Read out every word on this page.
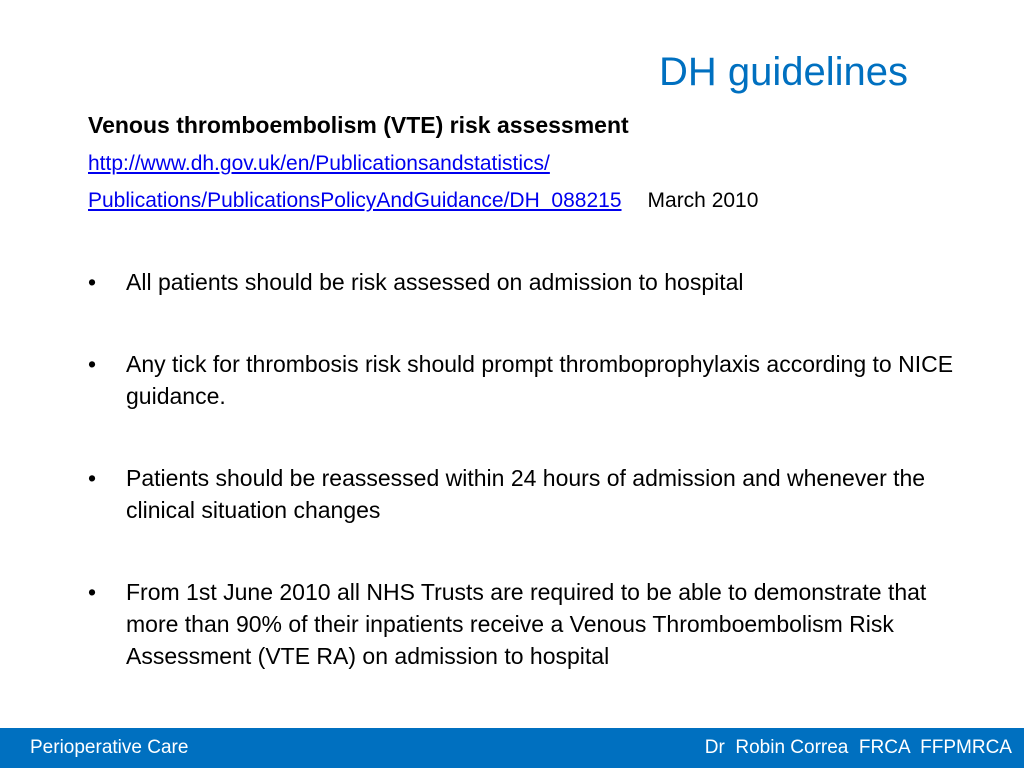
DH guidelines
Venous thromboembolism (VTE) risk assessment
http://www.dh.gov.uk/en/Publicationsandstatistics/
Publications/PublicationsPolicyAndGuidance/DH_088215 March 2010
• All patients should be risk assessed on admission to hospital
• Any tick for thrombosis risk should prompt thromboprophylaxis according to NICE guidance.
• Patients should be reassessed within 24 hours of admission and whenever the clinical situation changes
• From 1st June 2010 all NHS Trusts are required to be able to demonstrate that more than 90% of their inpatients receive a Venous Thromboembolism Risk Assessment (VTE RA) on admission to hospital
Perioperative Care	Dr  Robin Correa  FRCA  FFPMRCA
